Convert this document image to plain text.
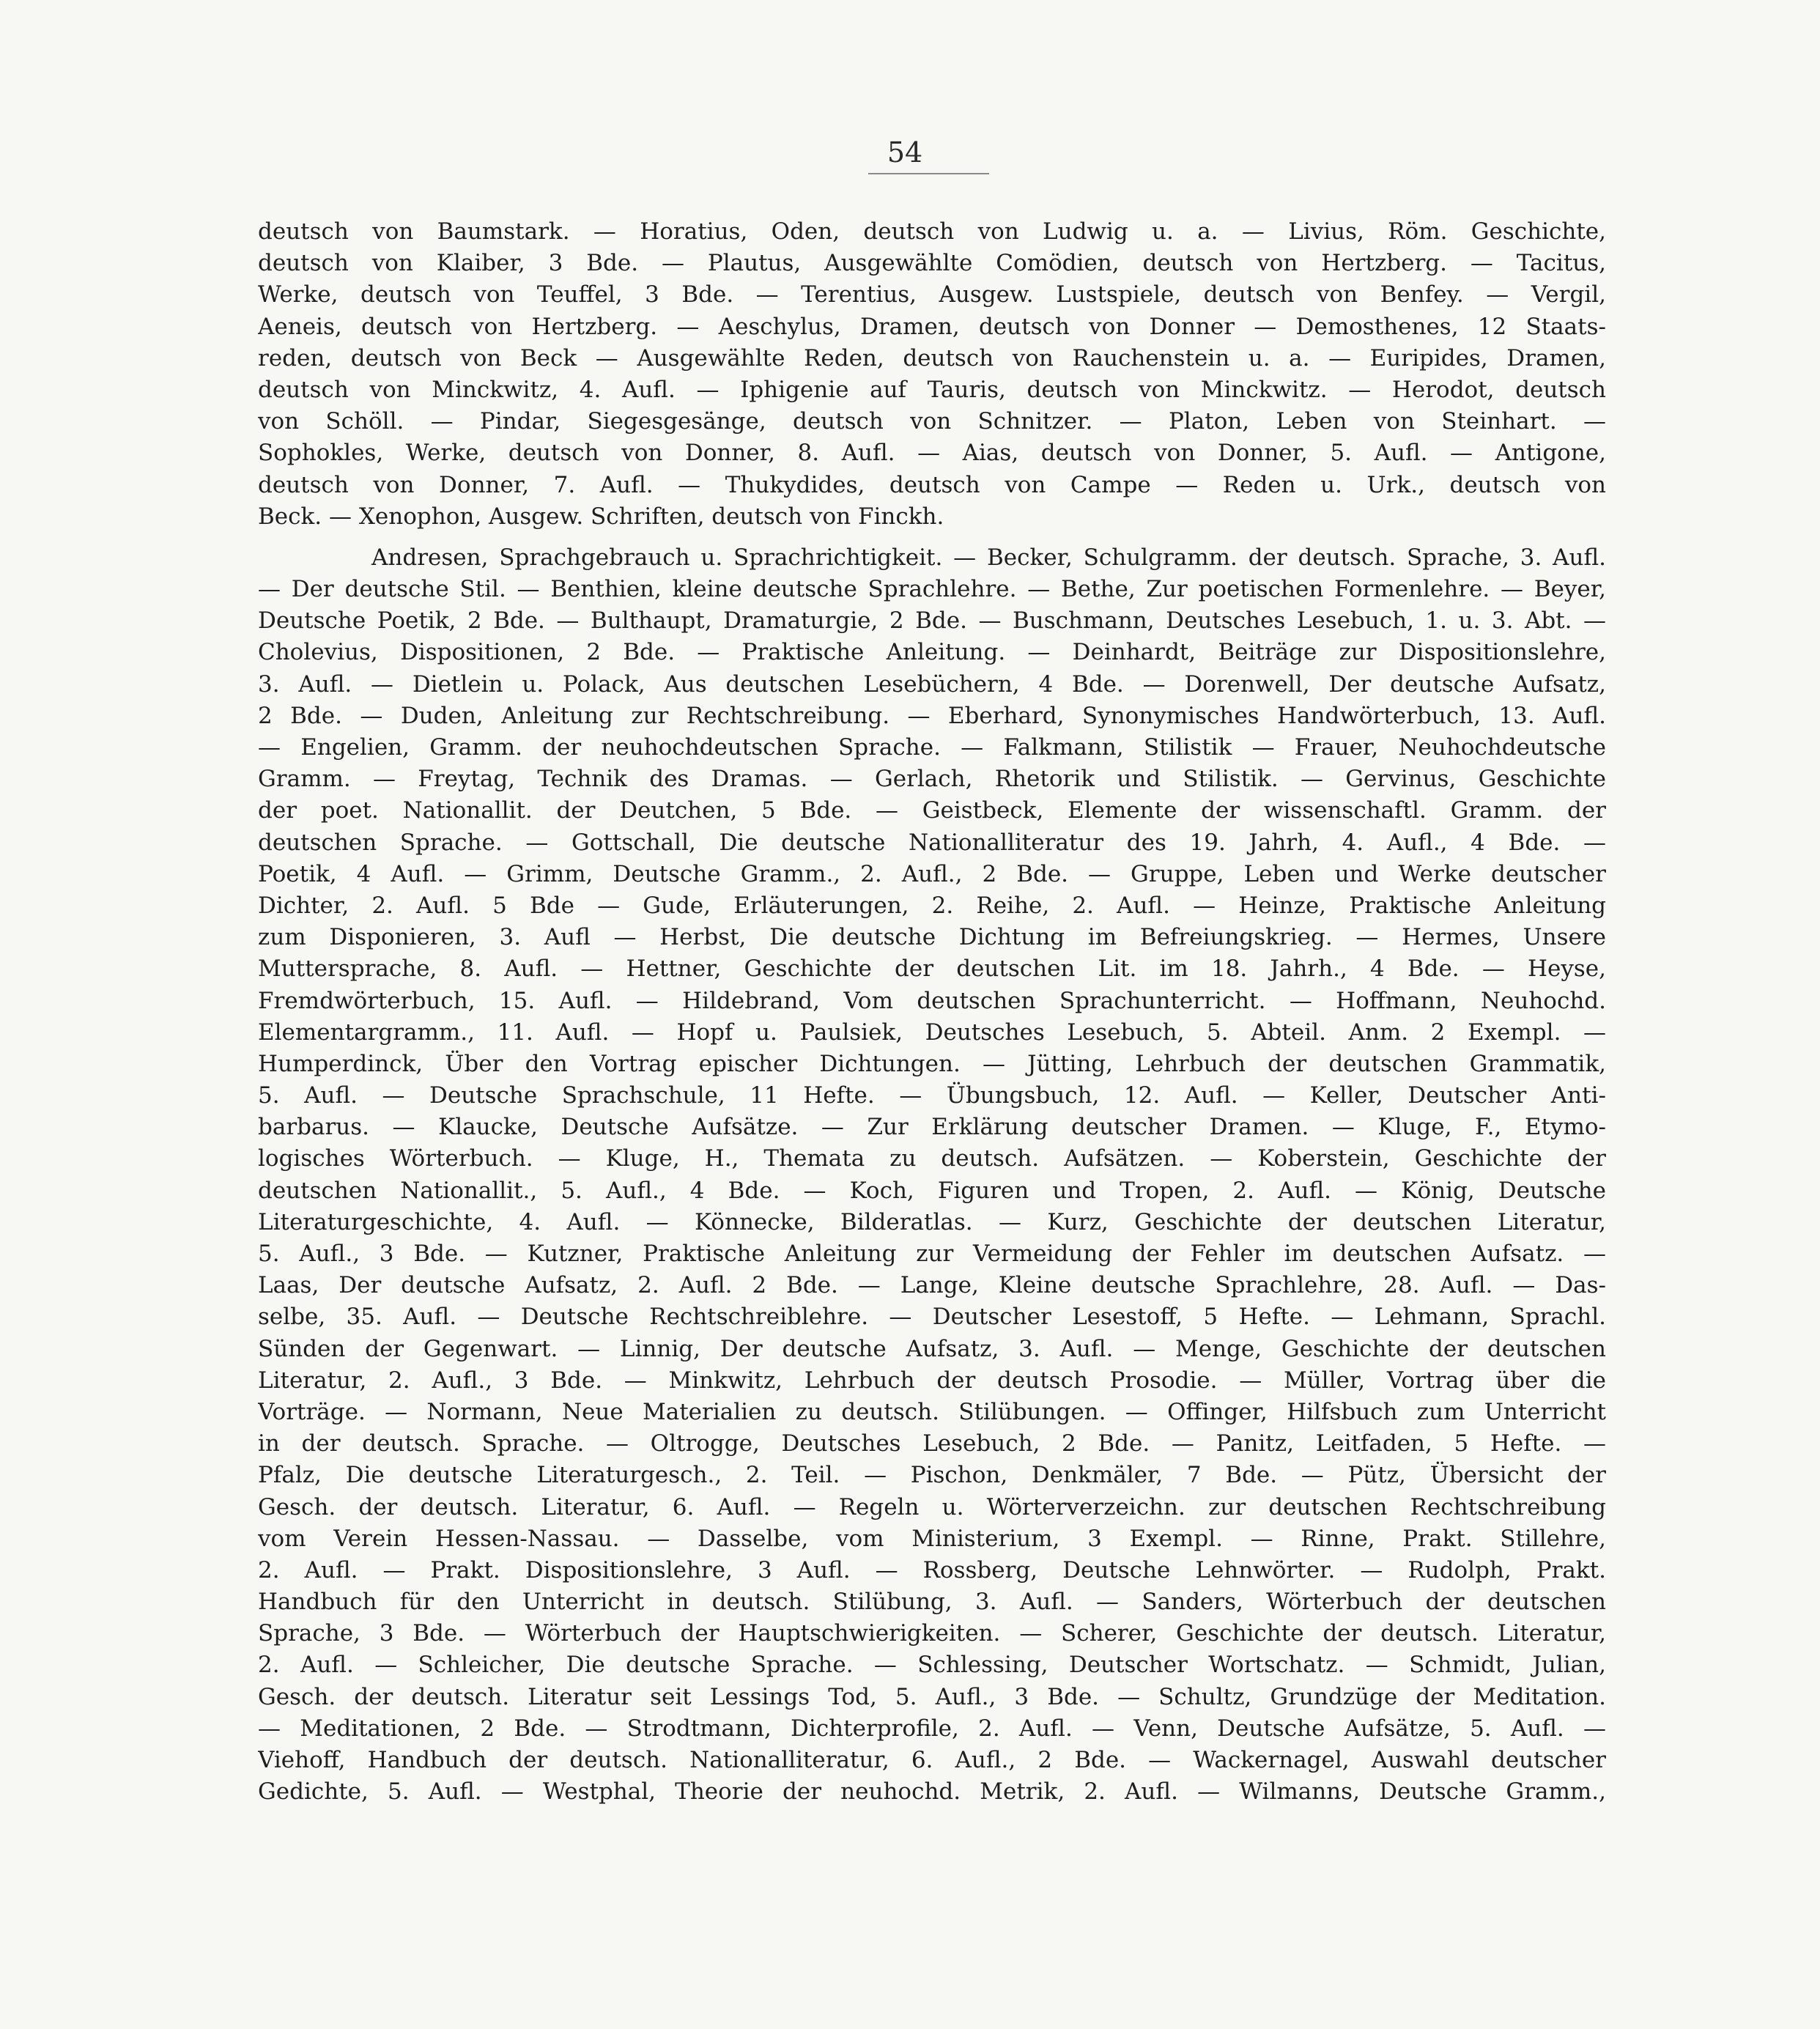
54
deutsch von Baumstark. — Horatius, Oden, deutsch von Ludwig u. a. — Livius, Röm. Geschichte,
deutsch von Klaiber, 3 Bde. — Plautus, Ausgewählte Comödien, deutsch von Hertzberg. — Tacitus,
Werke, deutsch von Teuffel, 3 Bde. — Terentius, Ausgew. Lustspiele, deutsch von Benfey. — Vergil,
Aeneis, deutsch von Hertzberg. — Aeschylus, Dramen, deutsch von Donner — Demosthenes, 12 Staats-
reden, deutsch von Beck — Ausgewählte Reden, deutsch von Rauchenstein u. a. — Euripides, Dramen,
deutsch von Minckwitz, 4. Aufl. — Iphigenie auf Tauris, deutsch von Minckwitz. — Herodot, deutsch
von Schöll. — Pindar, Siegesgesänge, deutsch von Schnitzer. — Platon, Leben von Steinhart. —
Sophokles, Werke, deutsch von Donner, 8. Aufl. — Aias, deutsch von Donner, 5. Aufl. — Antigone,
deutsch von Donner, 7. Aufl. — Thukydides, deutsch von Campe — Reden u. Urk., deutsch von
Beck. — Xenophon, Ausgew. Schriften, deutsch von Finckh.
Andresen, Sprachgebrauch u. Sprachrichtigkeit. — Becker, Schulgramm. der deutsch. Sprache, 3. Aufl.
— Der deutsche Stil. — Benthien, kleine deutsche Sprachlehre. — Bethe, Zur poetischen Formenlehre. — Beyer,
Deutsche Poetik, 2 Bde. — Bulthaupt, Dramaturgie, 2 Bde. — Buschmann, Deutsches Lesebuch, 1. u. 3. Abt. —
Cholevius, Dispositionen, 2 Bde. — Praktische Anleitung. — Deinhardt, Beiträge zur Dispositionslehre,
3. Aufl. — Dietlein u. Polack, Aus deutschen Lesebüchern, 4 Bde. — Dorenwell, Der deutsche Aufsatz,
2 Bde. — Duden, Anleitung zur Rechtschreibung. — Eberhard, Synonymisches Handwörterbuch, 13. Aufl.
— Engelien, Gramm. der neuhochdeutschen Sprache. — Falkmann, Stilistik — Frauer, Neuhochdeutsche
Gramm. — Freytag, Technik des Dramas. — Gerlach, Rhetorik und Stilistik. — Gervinus, Geschichte
der poet. Nationallit. der Deutchen, 5 Bde. — Geistbeck, Elemente der wissenschaftl. Gramm. der
deutschen Sprache. — Gottschall, Die deutsche Nationalliteratur des 19. Jahrh, 4. Aufl., 4 Bde. —
Poetik, 4 Aufl. — Grimm, Deutsche Gramm., 2. Aufl., 2 Bde. — Gruppe, Leben und Werke deutscher
Dichter, 2. Aufl. 5 Bde — Gude, Erläuterungen, 2. Reihe, 2. Aufl. — Heinze, Praktische Anleitung
zum Disponieren, 3. Aufl — Herbst, Die deutsche Dichtung im Befreiungskrieg. — Hermes, Unsere
Muttersprache, 8. Aufl. — Hettner, Geschichte der deutschen Lit. im 18. Jahrh., 4 Bde. — Heyse,
Fremdwörterbuch, 15. Aufl. — Hildebrand, Vom deutschen Sprachunterricht. — Hoffmann, Neuhochd.
Elementargramm., 11. Aufl. — Hopf u. Paulsiek, Deutsches Lesebuch, 5. Abteil. Anm. 2 Exempl. —
Humperdinck, Über den Vortrag epischer Dichtungen. — Jütting, Lehrbuch der deutschen Grammatik,
5. Aufl. — Deutsche Sprachschule, 11 Hefte. — Übungsbuch, 12. Aufl. — Keller, Deutscher Anti-
barbarus. — Klaucke, Deutsche Aufsätze. — Zur Erklärung deutscher Dramen. — Kluge, F., Etymo-
logisches Wörterbuch. — Kluge, H., Themata zu deutsch. Aufsätzen. — Koberstein, Geschichte der
deutschen Nationallit., 5. Aufl., 4 Bde. — Koch, Figuren und Tropen, 2. Aufl. — König, Deutsche
Literaturgeschichte, 4. Aufl. — Könnecke, Bilderatlas. — Kurz, Geschichte der deutschen Literatur,
5. Aufl., 3 Bde. — Kutzner, Praktische Anleitung zur Vermeidung der Fehler im deutschen Aufsatz. —
Laas, Der deutsche Aufsatz, 2. Aufl. 2 Bde. — Lange, Kleine deutsche Sprachlehre, 28. Aufl. — Das-
selbe, 35. Aufl. — Deutsche Rechtschreiblehre. — Deutscher Lesestoff, 5 Hefte. — Lehmann, Sprachl.
Sünden der Gegenwart. — Linnig, Der deutsche Aufsatz, 3. Aufl. — Menge, Geschichte der deutschen
Literatur, 2. Aufl., 3 Bde. — Minkwitz, Lehrbuch der deutsch Prosodie. — Müller, Vortrag über die
Vorträge. — Normann, Neue Materialien zu deutsch. Stilübungen. — Offinger, Hilfsbuch zum Unterricht
in der deutsch. Sprache. — Oltrogge, Deutsches Lesebuch, 2 Bde. — Panitz, Leitfaden, 5 Hefte. —
Pfalz, Die deutsche Literaturgesch., 2. Teil. — Pischon, Denkmäler, 7 Bde. — Pütz, Übersicht der
Gesch. der deutsch. Literatur, 6. Aufl. — Regeln u. Wörterverzeichn. zur deutschen Rechtschreibung
vom Verein Hessen-Nassau. — Dasselbe, vom Ministerium, 3 Exempl. — Rinne, Prakt. Stillehre,
2. Aufl. — Prakt. Dispositionslehre, 3 Aufl. — Rossberg, Deutsche Lehnwörter. — Rudolph, Prakt.
Handbuch für den Unterricht in deutsch. Stilübung, 3. Aufl. — Sanders, Wörterbuch der deutschen
Sprache, 3 Bde. — Wörterbuch der Hauptschwierigkeiten. — Scherer, Geschichte der deutsch. Literatur,
2. Aufl. — Schleicher, Die deutsche Sprache. — Schlessing, Deutscher Wortschatz. — Schmidt, Julian,
Gesch. der deutsch. Literatur seit Lessings Tod, 5. Aufl., 3 Bde. — Schultz, Grundzüge der Meditation.
— Meditationen, 2 Bde. — Strodtmann, Dichterprofile, 2. Aufl. — Venn, Deutsche Aufsätze, 5. Aufl. —
Viehoff, Handbuch der deutsch. Nationalliteratur, 6. Aufl., 2 Bde. — Wackernagel, Auswahl deutscher
Gedichte, 5. Aufl. — Westphal, Theorie der neuhochd. Metrik, 2. Aufl. — Wilmanns, Deutsche Gramm.,
